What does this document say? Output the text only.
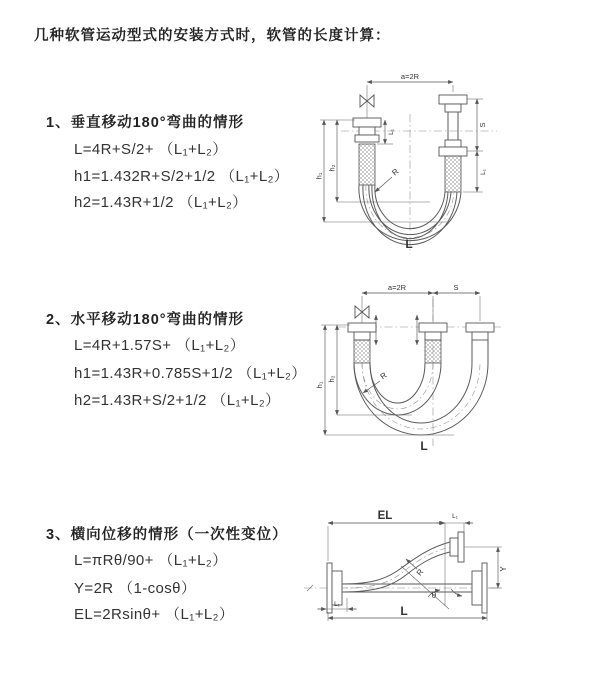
几种软管运动型式的安装方式时，软管的长度计算：
1、垂直移动180°弯曲的情形
L=4R+S/2+ （L₁+L₂）
h1=1.432R+S/2+1/2 （L₁+L₂）
h2=1.43R+1/2 （L₁+L₂）
2、水平移动180°弯曲的情形
L=4R+1.57S+ （L₁+L₂）
h1=1.43R+0.785S+1/2 （L₁+L₂）
h2=1.43R+S/2+1/2 （L₁+L₂）
3、横向位移的情形（一次性变位）
L=πRθ/90+ （L₁+L₂）
Y=2R （1-cosθ）
EL=2Rsinθ+ （L₁+L₂）
a=2R
h₁
h₂
L₁
S
L₁
R
L
a=2R	S
h₁
h₂	R
L
EL	L₁
Y
θ
R
L
L₁
